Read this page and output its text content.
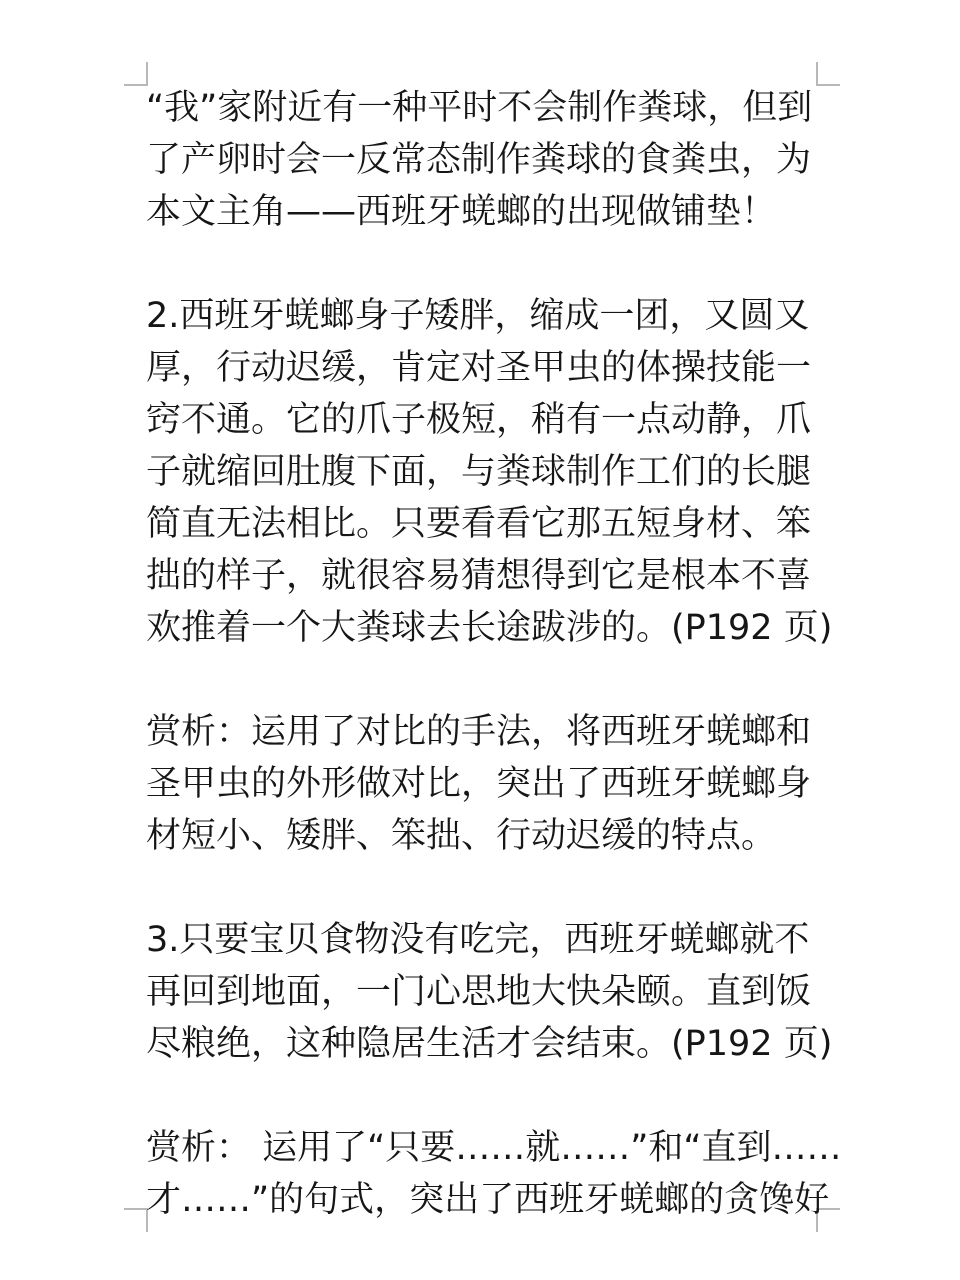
“我”家附近有一种平时不会制作粪球，但到
了产卵时会一反常态制作粪球的食粪虫，为
本文主角——西班牙蜣螂的出现做铺垫！
2.西班牙蜣螂身子矮胖，缩成一团，又圆又
厚，行动迟缓，肯定对圣甲虫的体操技能一
窍不通。它的爪子极短，稍有一点动静，爪
子就缩回肚腹下面，与粪球制作工们的长腿
简直无法相比。只要看看它那五短身材、笨
拙的样子，就很容易猜想得到它是根本不喜
欢推着一个大粪球去长途跋涉的。(P192 页)
赏析：运用了对比的手法，将西班牙蜣螂和
圣甲虫的外形做对比，突出了西班牙蜣螂身
材短小、矮胖、笨拙、行动迟缓的特点。
3.只要宝贝食物没有吃完，西班牙蜣螂就不
再回到地面，一门心思地大快朵颐。直到饭
尽粮绝，这种隐居生活才会结束。(P192 页)
赏析： 运用了“只要……就……”和“直到……
才……”的句式，突出了西班牙蜣螂的贪馋好
